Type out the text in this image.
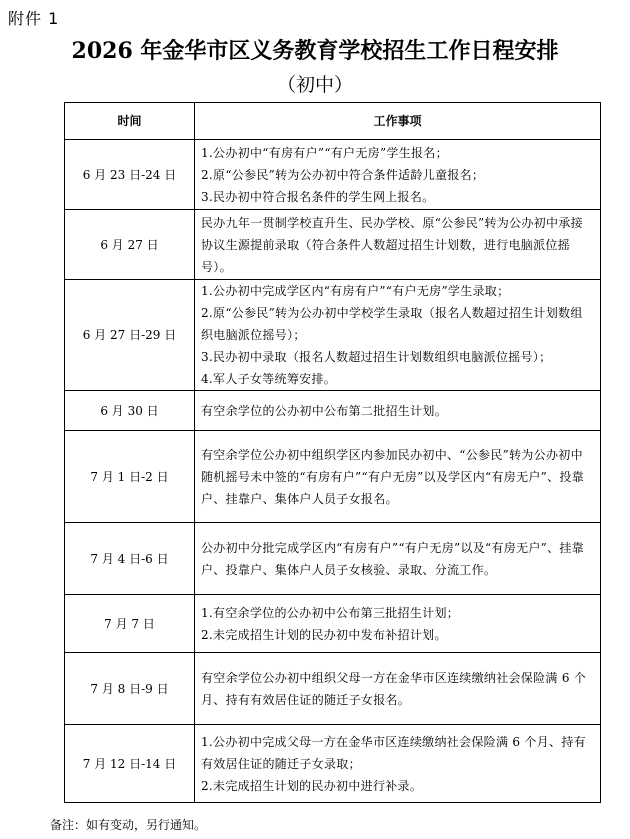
附件 1
2026 年金华市区义务教育学校招生工作日程安排
（初中）
时间	工作事项
6 月 23 日-24 日	1.公办初中“有房有户”“有户无房”学生报名；
2.原“公参民”转为公办初中符合条件适龄儿童报名；
3.民办初中符合报名条件的学生网上报名。

6 月 27 日	民办九年一贯制学校直升生、民办学校、原“公参民”转为公办初中承接协议生源提前录取（符合条件人数超过招生计划数，进行电脑派位摇号）。

6 月 27 日-29 日	1.公办初中完成学区内“有房有户”“有户无房”学生录取；
2.原“公参民”转为公办初中学校学生录取（报名人数超过招生计划数组织电脑派位摇号）；
3.民办初中录取（报名人数超过招生计划数组织电脑派位摇号）；
4.军人子女等统筹安排。

6 月 30 日	有空余学位的公办初中公布第二批招生计划。

7 月 1 日-2 日	有空余学位公办初中组织学区内参加民办初中、“公参民”转为公办初中随机摇号未中签的“有房有户”“有户无房”以及学区内“有房无户”、投靠户、挂靠户、集体户人员子女报名。

7 月 4 日-6 日	公办初中分批完成学区内“有房有户”“有户无房”以及“有房无户”、挂靠户、投靠户、集体户人员子女核验、录取、分流工作。

7 月 7 日	1.有空余学位的公办初中公布第三批招生计划；
2.未完成招生计划的民办初中发布补招计划。

7 月 8 日-9 日	有空余学位公办初中组织父母一方在金华市区连续缴纳社会保险满 6 个月、持有有效居住证的随迁子女报名。

7 月 12 日-14 日	1.公办初中完成父母一方在金华市区连续缴纳社会保险满 6 个月、持有有效居住证的随迁子女录取；
2.未完成招生计划的民办初中进行补录。
备注：如有变动，另行通知。
